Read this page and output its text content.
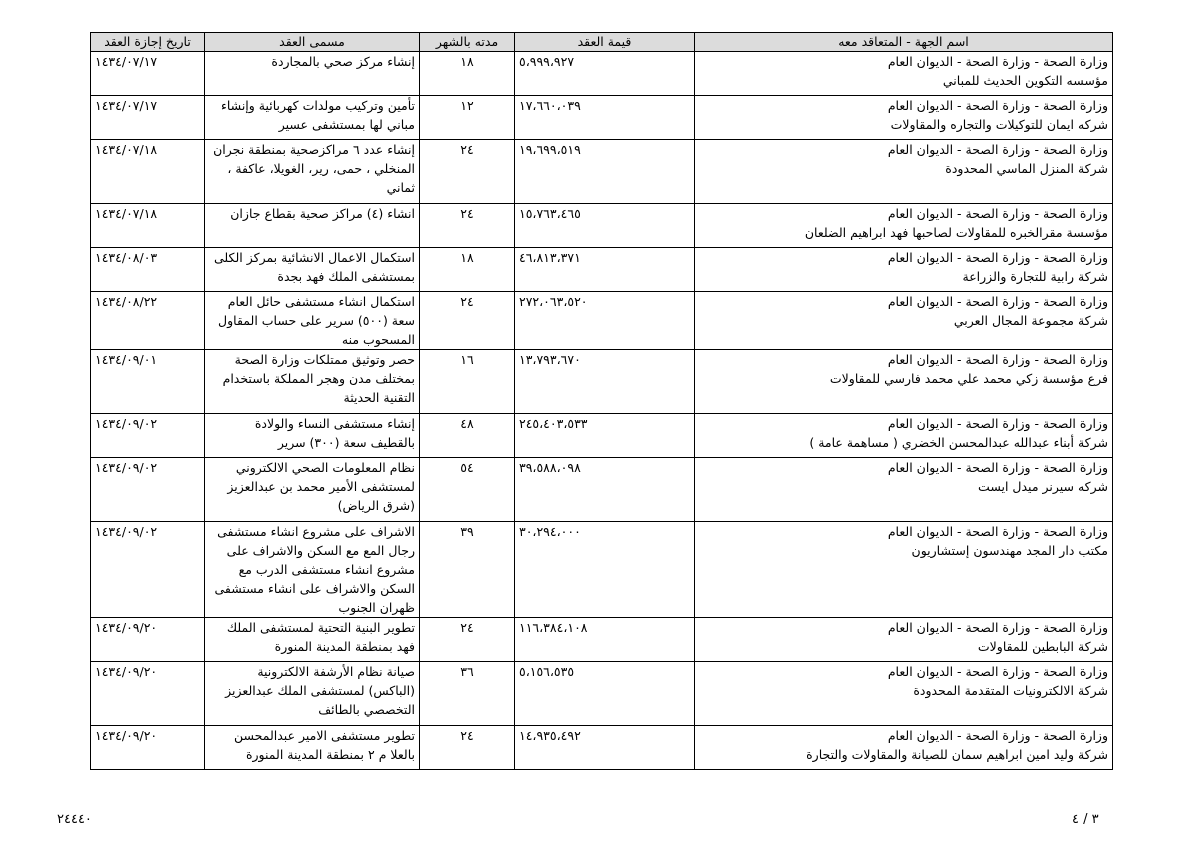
اسم الجهة - المتعاقد معه	قيمة العقد	مدته بالشهر	مسمى العقد	تاريخ إجازة العقد

وزارة الصحة - وزارة الصحة - الديوان العام
مؤسسه التكوين الحديث للمباني	٥،٩٩٩،٩٢٧	١٨	إنشاء مركز صحي بالمجاردة	١٤٣٤/٠٧/١٧

وزارة الصحة - وزارة الصحة - الديوان العام
شركه ايمان للتوكيلات والتجاره والمقاولات	١٧،٦٦٠،٠٣٩	١٢	تأمين وتركيب مولدات كهربائية وإنشاء مباني لها بمستشفى عسير	١٤٣٤/٠٧/١٧

وزارة الصحة - وزارة الصحة - الديوان العام
شركة المنزل الماسي المحدودة	١٩،٦٩٩،٥١٩	٢٤	إنشاء عدد ٦ مراكزصحية بمنطقة نجران المنخلي ، حمى، رير، الغويلا، عاكفة ، ثماني	١٤٣٤/٠٧/١٨

وزارة الصحة - وزارة الصحة - الديوان العام
مؤسسة مقرالخبره للمقاولات لصاحبها فهد ابراهيم الضلعان	١٥،٧٦٣،٤٦٥	٢٤	انشاء (٤) مراكز صحية بقطاع جازان	١٤٣٤/٠٧/١٨

وزارة الصحة - وزارة الصحة - الديوان العام
شركة رابية للتجارة والزراعة	٤٦،٨١٣،٣٧١	١٨	استكمال الاعمال الانشائية بمركز الكلى بمستشفى الملك فهد بجدة	١٤٣٤/٠٨/٠٣

وزارة الصحة - وزارة الصحة - الديوان العام
شركة مجموعة المجال العربي	٢٧٢،٠٦٣،٥٢٠	٢٤	استكمال انشاء مستشفى حائل العام سعة (٥٠٠) سرير على حساب المقاول المسحوب منه	١٤٣٤/٠٨/٢٢

وزارة الصحة - وزارة الصحة - الديوان العام
فرع مؤسسة زكي محمد علي محمد فارسي للمقاولات	١٣،٧٩٣،٦٧٠	١٦	حصر وتوثيق ممتلكات وزارة الصحة بمختلف مدن وهجر المملكة باستخدام التقنية الحديثة	١٤٣٤/٠٩/٠١

وزارة الصحة - وزارة الصحة - الديوان العام
شركة أبناء عبدالله عبدالمحسن الخضري ( مساهمة عامة )	٢٤٥،٤٠٣،٥٣٣	٤٨	إنشاء مستشفى النساء والولادة بالقطيف سعة (٣٠٠) سرير	١٤٣٤/٠٩/٠٢

وزارة الصحة - وزارة الصحة - الديوان العام
شركه سيرنر ميدل ايست	٣٩،٥٨٨،٠٩٨	٥٤	نظام المعلومات الصحي الالكتروني لمستشفى الأمير محمد بن عبدالعزيز (شرق الرياض)	١٤٣٤/٠٩/٠٢

وزارة الصحة - وزارة الصحة - الديوان العام
مكتب دار المجد مهندسون إستشاريون	٣٠،٢٩٤،٠٠٠	٣٩	الاشراف على مشروع انشاء مستشفى رجال المع مع السكن والاشراف على مشروع انشاء مستشفى الدرب مع السكن والاشراف على انشاء مستشفى ظهران الجنوب	١٤٣٤/٠٩/٠٢

وزارة الصحة - وزارة الصحة - الديوان العام
شركة البابطين للمقاولات	١١٦،٣٨٤،١٠٨	٢٤	تطوير البنية التحتية لمستشفى الملك فهد بمنطقة المدينة المنورة	١٤٣٤/٠٩/٢٠

وزارة الصحة - وزارة الصحة - الديوان العام
شركة الالكترونيات المتقدمة المحدودة	٥،١٥٦،٥٣٥	٣٦	صيانة نظام الأرشفة الالكترونية (الباكس) لمستشفى الملك عبدالعزيز التخصصي بالطائف	١٤٣٤/٠٩/٢٠

وزارة الصحة - وزارة الصحة - الديوان العام
شركة وليد امين ابراهيم سمان للصيانة والمقاولات والتجارة	١٤،٩٣٥،٤٩٢	٢٤	تطوير مستشفى الامير عبدالمحسن بالعلا م ٢ بمنطقة المدينة المنورة	١٤٣٤/٠٩/٢٠
٣ / ٤
٢٤٤٤٠
